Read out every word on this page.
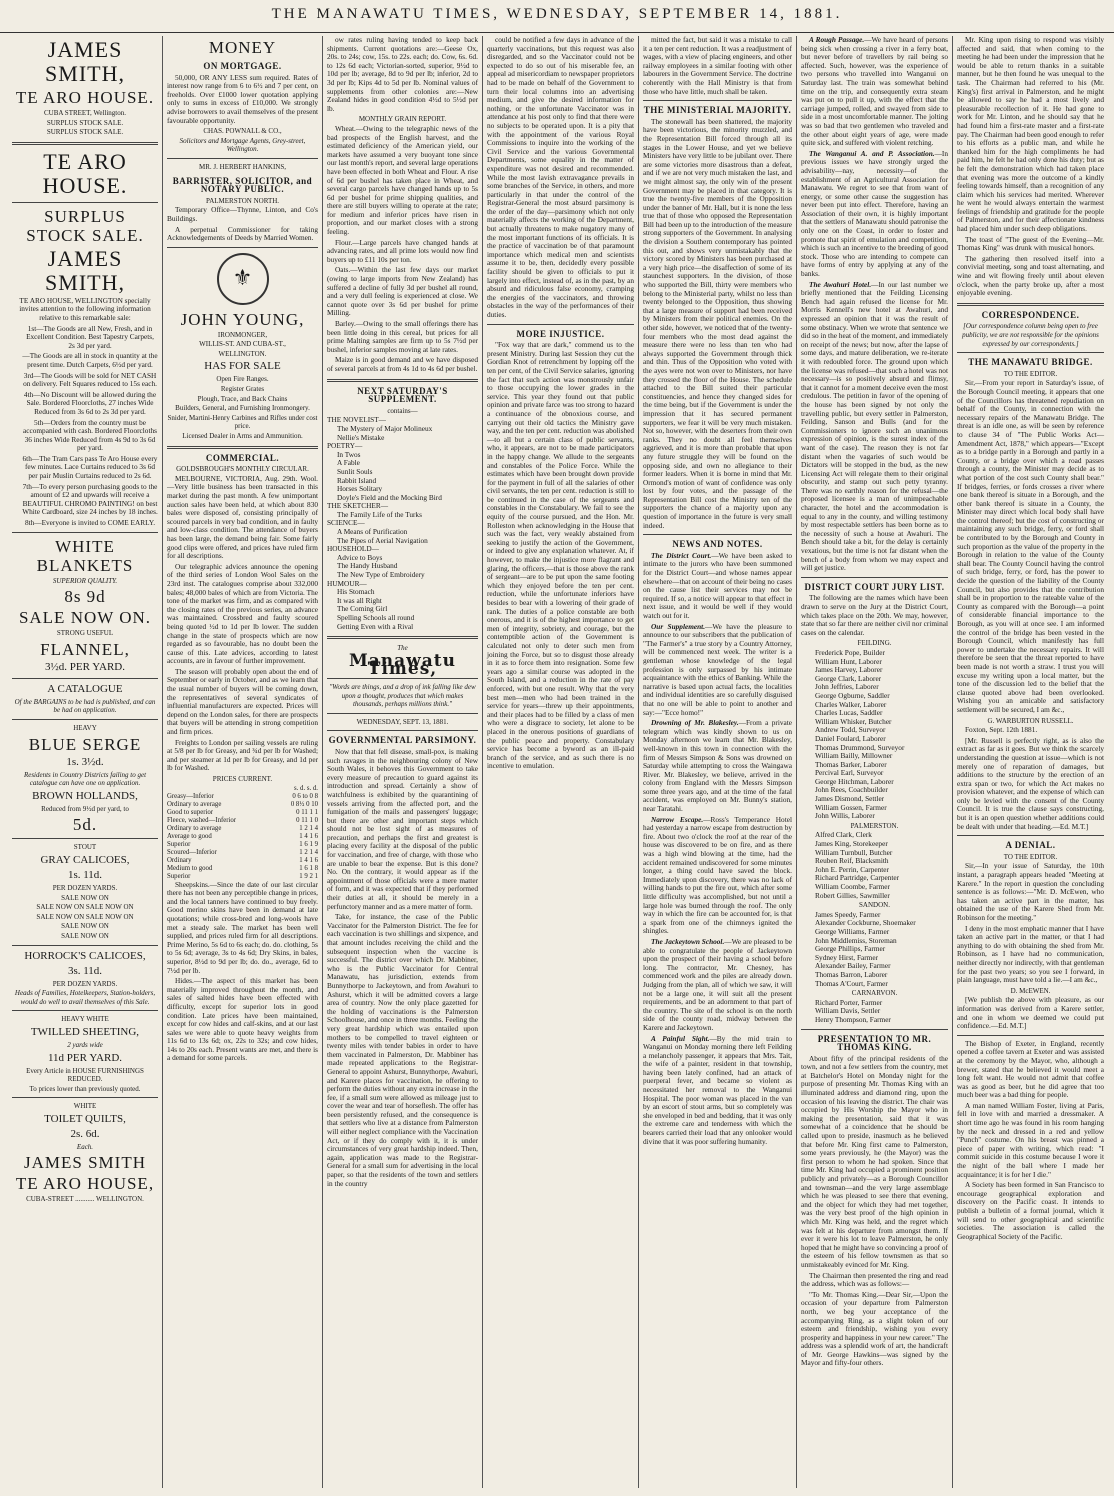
THE MANAWATU TIMES, WEDNESDAY, SEPTEMBER 14, 1881.
JAMES SMITH,
TE ARO HOUSE.
CUBA STREET, Wellington.
SURPLUS STOCK SALE.
SURPLUS STOCK SALE.
TE ARO HOUSE.
SURPLUS STOCK SALE.
JAMES SMITH,

TE ARO HOUSE, WELLINGTON specially invites attention to the following information relative to this remarkable sale:

1st—The Goods are all New, Fresh, and in Excellent Condition. Best Tapestry Carpets, 2s 3d per yard.

—The Goods are all in stock in quantity at the present time. Dutch Carpets, 6½d per yard.

3rd—The Goods will be sold for NET CASH on delivery. Felt Squares reduced to 15s each.

4th—No Discount will be allowed during the Sale. Bordered Floorcloths, 27 inches Wide Reduced from 3s 6d to 2s 3d per yard.

5th—Orders from the country must be accompanied with cash. Bordered Floorcloths 36 inches Wide Reduced from 4s 9d to 3s 6d per yard.

6th—The Tram Cars pass Te Aro House every few minutes. Lace Curtains reduced to 3s 6d per pair Muslin Curtains reduced to 2s 6d.

7th—To every person purchasing goods to the amount of £2 and upwards will receive a BEAUTIFUL CHROMO PAINTING! on best White Cardboard, size 24 inches by 18 inches.

8th—Everyone is invited to COME EARLY.

WHITE BLANKETS
SUPERIOR QUALITY.
8s 9d
SALE NOW ON.
STRONG USEFUL
FLANNEL,
3½d. PER YARD.
A CATALOGUE
Of the BARGAINS to be had is published, and can be had on application.
HEAVY
BLUE SERGE
1s. 3½d.
Residents in Country Districts failing to get catalogue can have one on application.
BROWN HOLLANDS,
Reduced from 9½d per yard, to
5d.
STOUT
GRAY CALICOES,
1s. 11d.
PER DOZEN YARDS.
SALE NOW ON
SALE NOW ON SALE NOW ON
SALE NOW ON SALE NOW ON
SALE NOW ON
SALE NOW ON
HORROCK'S CALICOES,
3s. 11d.
PER DOZEN YARDS.
Heads of Families, Hotelkeepers, Station-holders, would do well to avail themselves of this Sale.
HEAVY WHITE
TWILLED SHEETING,
2 yards wide
11d PER YARD.
Every Article in HOUSE FURNISHINGS REDUCED.
To prices lower than previously quoted.
WHITE
TOILET QUILTS,
2s. 6d.
Each.
JAMES SMITH
TE ARO HOUSE,
CUBA-STREET ........... WELLINGTON.
MONEY
ON MORTGAGE.

50,000, OR ANY LESS sum required. Rates of interest now range from 6 to 6½ and 7 per cent, on freeholds. Over £1000 lower quotation applying only to sums in excess of £10,000. We strongly advise borrowers to avail themselves of the present favourable opportunity.

CHAS. POWNALL & CO.,
Solicitors and Mortgage Agents, Grey-street, Wellington.
MR. J. HERBERT HANKINS,
BARRISTER, SOLICITOR, and NOTARY PUBLIC.
PALMERSTON NORTH.

Temporary Office—Thynne, Linton, and Co's Buildings.

A perpetual Commissioner for taking Acknowledgements of Deeds by Married Women.

⚜
JOHN YOUNG,
IRONMONGER,
WILLIS-ST. AND CUBA-ST.,
WELLINGTON.
HAS FOR SALE
Open Fire Ranges.
Register Grates
Plough, Trace, and Back Chains
Builders, General, and Furnishing Ironmongery.
Snider, Martini-Henry Carbines and Rifles under cost price.
Licensed Dealer in Arms and Ammunition.
COMMERCIAL.
GOLDSBROUGH'S MONTHLY CIRCULAR.

MELBOURNE, VICTORIA, Aug. 29th. Wool.—Very little business has been transacted in this market during the past month. A few unimportant auction sales have been held, at which about 830 bales were disposed of, consisting principally of scoured parcels in very bad condition, and in faulty and low-class condition. The attendance of buyers has been large, the demand being fair. Some fairly good clips were offered, and prices have ruled firm for all descriptions.

Our telegraphic advices announce the opening of the third series of London Wool Sales on the 23rd inst. The catalogues comprise about 332,000 bales; 48,000 bales of which are from Victoria. The tone of the market was firm, and as compared with the closing rates of the previous series, an advance was maintained. Crossbred and faulty scoured being quoted ½d to 1d per lb lower. The sudden change in the state of prospects which are now regarded as so favourable, has no doubt been the cause of this. Late advices, according to latest accounts, are in favour of further improvement.

The season will probably open about the end of September or early in October, and as we learn that the usual number of buyers will be coming down, the representatives of several syndicates of influential manufacturers are expected. Prices will depend on the London sales, for there are prospects that buyers will be attending in strong competition and firm prices.

Freights to London per sailing vessels are ruling at 5/8 per lb for Greasy, and ¾d per lb for Washed; and per steamer at 1d per lb for Greasy, and 1d per lb for Washed.

PRICES CURRENT.
	s. d. s. d.
Greasy—Inferior	0 6 to 0 8
Ordinary to average	0 8½ 0 10
Good to superior	0 11 1 1
Fleece, washed—Inferior	0 11 1 0
Ordinary to average	1 2 1 4
Average to good	1 4 1 6
Superior	1 6 1 9
Scoured—Inferior	1 2 1 4
Ordinary	1 4 1 6
Medium to good	1 6 1 8
Superior	1 9 2 1

Sheepskins.—Since the date of our last circular there has not been any perceptible change in prices, and the local tanners have continued to buy freely. Good merino skins have been in demand at late quotations; while cross-bred and long-wools have met a steady sale. The market has been well supplied, and prices ruled firm for all descriptions. Prime Merino, 5s 6d to 6s each; do. do. clothing, 5s to 5s 6d; average, 3s to 4s 6d; Dry Skins, in bales, superior, 8½d to 9d per lb; do. do., average, 6d to 7½d per lb.

Hides.—The aspect of this market has been materially improved throughout the month, and sales of salted hides have been effected with difficulty, except for superior lots in good condition. Late prices have been maintained, except for cow hides and calf-skins, and at our last sales we were able to quote heavy weights from 11s 6d to 13s 6d; ox, 22s to 32s; and cow hides, 14s to 20s each. Present wants are met, and there is a demand for some parcels.

ow rates ruling having tended to keep back shipments. Current quotations are:—Geese Ox, 20s. to 24s; cow, 15s. to 22s. each; do. Cow, 6s. 6d. to 12s 6d each; Victorian-sorted, superior, 9½d to 10d per lb; average, 8d to 9d per lb; inferior, 2d to 3d per lb; Kips 4d to 5d per lb. Nominal values of supplements from other colonies are:—New Zealand hides in good condition 4½d to 5½d per lb.

MONTHLY GRAIN REPORT.

Wheat.—Owing to the telegraphic news of the bad prospects of the English harvest, and the estimated deficiency of the American yield, our markets have assumed a very buoyant tone since our last month's report, and several large operations have been effected in both Wheat and Flour. A rise of 6d per bushel has taken place in Wheat, and several cargo parcels have changed hands up to 5s 6d per bushel for prime shipping qualities, and there are still buyers willing to operate at the rate; for medium and inferior prices have risen in proportion, and our market closes with a strong feeling.

Flour.—Large parcels have changed hands at advancing rates, and all prime lots would now find buyers up to £11 10s per ton.

Oats.—Within the last few days our market (owing to large imports from New Zealand) has suffered a decline of fully 3d per bushel all round, and a very dull feeling is experienced at close. We cannot quote over 3s 6d per bushel for prime Milling.

Barley.—Owing to the small offerings there has been little doing in this cereal, but prices for all prime Malting samples are firm up to 5s 7½d per bushel, inferior samples moving at late rates.

Maize is in good demand and we have disposed of several parcels at from 4s 1d to 4s 6d per bushel.

NEXT SATURDAY'S SUPPLEMENT.
contains—
THE NOVELIST—
The Mystery of Major Molineux
Nellie's Mistake
POETRY—
In Twos
A Fable
Sunlit Souls
Rabbit Island
Horses Solitary
Doyle's Field and the Mocking Bird
THE SKETCHER—
The Family Life of the Turks
SCIENCE—
A Means of Purification
The Pipes of Aerial Navigation
HOUSEHOLD—
Advice to Boys
The Handy Husband
The New Type of Embroidery
HUMOUR—
His Stomach
It was all Right
The Coming Girl
Spelling Schools all round
Getting Even with a Rival
The
Manawatu Times,
"Words are things, and a drop of ink falling like dew upon a thought, produces that which makes thousands, perhaps millions think."
WEDNESDAY, SEPT. 13, 1881.
GOVERNMENTAL PARSIMONY.

Now that that fell disease, small-pox, is making such ravages in the neighbouring colony of New South Wales, it behoves this Government to take every measure of precaution to guard against its introduction and spread. Certainly a show of watchfulness is exhibited by the quarantining of vessels arriving from the affected port, and the fumigation of the mails and passengers' luggage; but there are other and important steps which should not be lost sight of as measures of precaution, and perhaps the first and greatest is placing every facility at the disposal of the public for vaccination, and free of charge, with those who are unable to bear the expense. But is this done? No. On the contrary, it would appear as if the appointment of those officials were a mere matter of form, and it was expected that if they performed their duties at all, it should be merely in a perfunctory manner and as a mere matter of form.

Take, for instance, the case of the Public Vaccinator for the Palmerston District. The fee for each vaccination is two shillings and sixpence, and that amount includes receiving the child and the subsequent inspection when the vaccine is successful. The district over which Dr. Mabbiner, who is the Public Vaccinator for Central Manawatu, has jurisdiction, extends from Bunnythorpe to Jackeytown, and from Awahuri to Ashurst, which it will be admitted covers a large area of country. Now the only place gazetted for the holding of vaccinations is the Palmerston Schoolhouse, and once in three months. Feeling the very great hardship which was entailed upon mothers to be compelled to travel eighteen or twenty miles with tender babies in order to have them vaccinated in Palmerston, Dr. Mabbiner has made repeated applications to the Registrar-General to appoint Ashurst, Bunnythorpe, Awahuri, and Karere places for vaccination, he offering to perform the duties without any extra increase in the fee, if a small sum were allowed as mileage just to cover the wear and tear of horseflesh. The offer has been persistently refused, and the consequence is that settlers who live at a distance from Palmerston will either neglect compliance with the Vaccination Act, or if they do comply with it, it is under circumstances of very great hardship indeed. Then, again, application was made to the Registrar-General for a small sum for advertising in the local paper, so that the residents of the town and settlers in the country

could be notified a few days in advance of the quarterly vaccinations, but this request was also disregarded, and so the Vaccinator could not be expected to do so out of his miserable fee, an appeal ad misericordiam to newspaper proprietors had to be made on behalf of the Government to turn their local columns into an advertising medium, and give the desired information for nothing, or the unfortunate Vaccinator was in attendance at his post only to find that there were no subjects to be operated upon. It is a pity that with the appointment of the various Royal Commissions to inquire into the working of the Civil Service and the various Governmental Departments, some equality in the matter of expenditure was not desired and recommended. While the most lavish extravagance prevails in some branches of the Service, in others, and more particularly in that under the control of the Registrar-General the most absurd parsimony is the order of the day—parsimony which not only materially affects the working of the Department, but actually threatens to make nugatory many of the most important functions of its officials. It is the practice of vaccination be of that paramount importance which medical men and scientists assume it to be, then, decidedly every possible facility should be given to officials to put it largely into effect, instead of, as in the past, by an absurd and ridiculous false economy, cramping the energies of the vaccinators, and throwing obstacles in the way of the performances of their duties.

MORE INJUSTICE.

"Fox way that are dark," commend us to the present Ministry. During last Session they cut the Gordian Knot of retrenchment by lopping off the ten per cent, of the Civil Service salaries, ignoring the fact that such action was monstrously unfair to those occupying the lower grades in the service. This year they found out that public opinion and private farce was too strong to hazard a continuance of the obnoxious course, and carrying out their old tactics the Ministry gave way, and the ten per cent. reduction was abolished—to all but a certain class of public servants, who, it appears, are not to be made participators in the happy change. We allude to the sergeants and constables of the Police Force. While the estimates which have been brought down provide for the payment in full of all the salaries of other civil servants, the ten per cent. reduction is still to be continued in the case of the sergeants and constables in the Constabulary. We fail to see the equity of the course pursued, and the Hon. Mr. Rolleston when acknowledging in the House that such was the fact, very weakly abstained from seeking to justify the action of the Government, or indeed to give any explanation whatever. At, if however, to make the injustice more flagrant and glaring, the officers,—that is those above the rank of sergeant—are to be put upon the same footing which they enjoyed before the ten per cent. reduction, while the unfortunate inferiors have besides to bear with a lowering of their grade of rank. The duties of a police constable are both onerous, and it is of the highest importance to get men of integrity, sobriety, and courage, but the contemptible action of the Government is calculated not only to deter such men from joining the Force, but so to disgust those already in it as to force them into resignation. Some few years ago a similar course was adopted in the South Island, and a reduction in the rate of pay enforced, with but one result. Why that the very best men—men who had been trained in the service for years—threw up their appointments, and their places had to be filled by a class of men who were a disgrace to society, let alone to be placed in the onerous positions of guardians of the public peace and property. Constabulary service has become a byword as an ill-paid branch of the service, and as such there is no incentive to emulation.

mitted the fact, but said it was a mistake to call it a ten per cent reduction. It was a readjustment of wages, with a view of placing engineers, and other railway employees in a similar footing with other labourers in the Government Service. The doctrine coherently with the Hall Ministry is that from those who have little, much shall be taken.

THE MINISTERIAL MAJORITY.

The stonewall has been shattered, the majority have been victorious, the minority muzzled, and the Representation Bill forced through all its stages in the Lower House, and yet we believe Ministers have very little to be jubilant over. There are some victories more disastrous than a defeat, and if we are not very much mistaken the last, and we might almost say, the only win of the present Government may be placed in that category. It is true the twenty-five members of the Opposition under the banner of Mr. Hall, but it is none the less true that of those who opposed the Representation Bill had been up to the introduction of the measure strong supporters of the Government. In analysing the division a Southern contemporary has pointed this out, and shows very unmistakably that the victory scored by Ministers has been purchased at a very high price—the disaffection of some of its staunchest supporters. In the division, of those who supported the Bill, thirty were members who belong to the Ministerial party, whilst no less than twenty belonged to the Opposition, thus showing that a large measure of support had been received by Ministers from their political enemies. On the other side, however, we noticed that of the twenty-four members who the most dead against the measure there were no less than ten who had always supported the Government through thick and thin. Thus of the Opposition who voted with the ayes were not won over to Ministers, nor have they crossed the floor of the House. The schedule attached to the Bill suited their particular constituencies, and hence they changed sides for the time being, but if the Government is under the impression that it has secured permanent supporters, we fear it will be very much mistaken. Not so, however, with the deserters from their own ranks. They no doubt all feel themselves aggrieved, and it is more than probable that upon any future struggle they will be found on the opposing side, and own no allegiance to their former leaders. When it is borne in mind that Mr. Ormond's motion of want of confidence was only lost by four votes, and the passage of the Representation Bill cost the Ministry ten of the supporters the chance of a majority upon any question of importance in the future is very small indeed.

NEWS AND NOTES.

The District Court.—We have been asked to intimate to the jurors who have been summoned for the District Court—and whose names appear elsewhere—that on account of their being no cases on the cause list their services may not be required. If so, a notice will appear to that effect in next issue, and it would be well if they would watch out for it.

Our Supplement.—We have the pleasure to announce to our subscribers that the publication of "The Farmer's" a true story by a Country Attorney, will be commenced next week. The writer is a gentleman whose knowledge of the legal profession is only surpassed by his intimate acquaintance with the ethics of Banking. While the narrative is based upon actual facts, the localities and individual identities are so carefully disguised that no one will be able to point to another and say:—"Ecce homo!"

Drowning of Mr. Blakesley.—From a private telegram which was kindly shown to us on Monday afternoon we learn that Mr. Blakesley, well-known in this town in connection with the firm of Messrs Simpson & Sons was drowned on Saturday while attempting to cross the Waingawa River. Mr. Blakesley, we believe, arrived in the colony from England with the Messrs Simpson some three years ago, and at the time of the fatal accident, was employed on Mr. Bunny's station, near Taratahi.

Narrow Escape.—Ross's Temperance Hotel had yesterday a narrow escape from destruction by fire. About two o'clock the roof at the rear of the house was discovered to be on fire, and as there was a high wind blowing at the time, had the accident remained undiscovered for some minutes longer, a thing could have saved the block. Immediately upon discovery, there was no lack of willing hands to put the fire out, which after some little difficulty was accomplished, but not until a large hole was burned through the roof. The only way in which the fire can be accounted for, is that a spark from one of the chimneys ignited the shingles.

The Jackeytown School.—We are pleased to be able to congratulate the people of Jackeytown upon the prospect of their having a school before long. The contractor, Mr. Chesney, has commenced work and the piles are already down. Judging from the plan, all of which we saw, it will not be a large one, it will suit all the present requirements, and be an adornment to that part of the country. The site of the school is on the north side of the county road, midway between the Karere and Jackeytown.

A Painful Sight.—By the mid train to Wanganui on Monday morning there left Feilding a melancholy passenger, it appears that Mrs. Tait, the wife of a painter, resident in that township, having been lately confined, had an attack of puerperal fever, and became so violent as necessitated her removal to the Wanganui Hospital. The poor woman was placed in the van by an escort of stout arms, but so completely was she enveloped in bed and bedding, that it was only the extreme care and tenderness with which the bearers carried their load that any onlooker would divine that it was poor suffering humanity.

A Rough Passage.—We have heard of persons being sick when crossing a river in a ferry boat, but never before of travellers by rail being so affected. Such, however, was the experience of two persons who travelled into Wanganui on Saturday last. The train was somewhat behind time on the trip, and consequently extra steam was put on to pull it up, with the effect that the carriage jumped, rolled, and swayed from side to side in a most uncomfortable manner. The jolting was so bad that two gentlemen who traveled and the other about eight years of age, were made quite sick, and suffered with violent retching.

The Wanganui A. and P. Association.—In previous issues we have strongly urged the advisability—nay, necessity—of the establishment of an Agricultural Association for Manawatu. We regret to see that from want of energy, or some other cause the suggestion has never been put into effect. Therefore, having an Association of their own, it is highly important that the settlers of Manawatu should patronise the only one on the Coast, in order to foster and promote that spirit of emulation and competition, which is such an incentive to the breeding of good stock. Those who are intending to compete can have forms of entry by applying at any of the banks.

The Awahuri Hotel.—In our last number we briefly mentioned that the Feilding Licensing Bench had again refused the license for Mr. Morris Kennell's new hotel at Awahuri, and expressed an opinion that it was the result of some obstinacy. When we wrote that sentence we did so in the heat of the moment, and immediately on receipt of the news; but now, after the lapse of some days, and mature deliberation, we re-iterate it with redoubled force. The ground upon which the license was refused—that such a hotel was not necessary—is so positively absurd and flimsy, that it cannot for a moment deceive even the most credulous. The petition in favor of the opening of the house has been signed by not only the travelling public, but every settler in Palmerston, Feilding, Sanson and Bulls (and for the Commissioners to ignore such an unanimous expression of opinion, is the surest index of the want of the case). The reason they is not far distant when the vagaries of such would be Dictators will be stopped in the bud, as the new Licensing Act will relegate them to their original obscurity, and stamp out such petty tyranny. There was no earthly reason for the refusal—the proposed licensee is a man of unimpeachable character, the hotel and the accommodation is equal to any in the county, and willing testimony by most respectable settlers has been borne as to the necessity of such a house at Awahuri. The Bench should take a bit, for the delay is certainly vexatious, but the time is not far distant when the bench of a body from whom we may expect and will get justice.

DISTRICT COURT JURY LIST.

The following are the names which have been drawn to serve on the Jury at the District Court, which takes place on the 20th. We may, however, state that so far there are neither civil nor criminal cases on the calendar.

FEILDING.
Frederick Pope, Builder
William Hunt, Laborer
James Harvey, Laborer
George Clark, Laborer
John Jeffries, Laborer
George Ogburne, Saddler
Charles Walker, Laborer
Charles Lucas, Saddler
William Whisker, Butcher
Andrew Todd, Surveyor
Daniel Foulard, Laborer
Thomas Drummond, Surveyor
William Bailly, Millowner
Thomas Barker, Laborer
Percival Earl, Surveyor
George Hitchman, Laborer
John Rees, Coachbuilder
James Dismond, Settler
William Gossen, Farmer
John Willis, Laborer
PALMERSTON.
Alfred Clark, Clerk
James King, Storekeeper
William Turnbull, Butcher
Reuben Reif, Blacksmith
John E. Perrin, Carpenter
Richard Partridge, Carpenter
William Coombe, Farmer
Robert Gillies, Sawmiller
SANDON.
James Speedy, Farmer
Alexander Cockburne, Shoemaker
George Williams, Farmer
John Middlemiss, Storeman
George Phillips, Farmer
Sydney Hirst, Farmer
Alexander Bailey, Farmer
Thomas Barron, Laborer
Thomas A'Court, Farmer
CARNARVON.
Richard Porter, Farmer
William Davis, Settler
Henry Thompson, Farmer
PRESENTATION TO MR. THOMAS KING.

About fifty of the principal residents of the town, and not a few settlers from the country, met at Batchelor's Hotel on Monday night for the purpose of presenting Mr. Thomas King with an illuminated address and diamond ring, upon the occasion of his leaving the district. The chair was occupied by His Worship the Mayor who in making the presentation, said that it was somewhat of a coincidence that he should be called upon to preside, inasmuch as he believed that before Mr. King first came to Palmerston, some years previously, he (the Mayor) was the first person to whom he had spoken. Since that time Mr. King had occupied a prominent position publicly and privately—as a Borough Councillor and townsman—and the very large assemblage which he was pleased to see there that evening, and the object for which they had met together, was the very best proof of the high opinion in which Mr. King was held, and the regret which was felt at his departure from amongst them. If ever it were his lot to leave Palmerston, he only hoped that he might have so convincing a proof of the esteem of his fellow townsmen as that so unmistakeably evinced for Mr. King.

The Chairman then presented the ring and read the address, which was as follows:—

"To Mr. Thomas King.—Dear Sir,—Upon the occasion of your departure from Palmerston north, we beg your acceptance of the accompanying Ring, as a slight token of our esteem and friendship, wishing you every prosperity and happiness in your new career." The address was a splendid work of art, the handicraft of Mr. George Hawkins—was signed by the Mayor and fifty-four others.

Mr. King upon rising to respond was visibly affected and said, that when coming to the meeting he had been under the impression that he would be able to return thanks in a suitable manner, but he then found he was unequal to the task. The Chairman had referred to his (Mr. King's) first arrival in Palmerston, and he might be allowed to say he had a most lively and pleasurable recollection of it. He had gone to work for Mr. Linton, and he should say that he had found him a first-rate master and a first-rate pay. The Chairman had been good enough to refer to his efforts as a public man, and while he thanked him for the high compliments he had paid him, he felt he had only done his duty; but as he felt the demonstration which had taken place that evening was more the outcome of a kindly feeling towards himself, than a recognition of any claim which his services had merited. Wherever he went he would always entertain the warmest feelings of friendship and gratitude for the people of Palmerston, and for their affectionate kindness had placed him under such deep obligations.

The toast of "The guest of the Evening—Mr. Thomas King" was drunk with musical honors.

The gathering then resolved itself into a convivial meeting, song and toast alternating, and wine and wit flowing freely until about eleven o'clock, when the party broke up, after a most enjoyable evening.

CORRESPONDENCE.
[Our correspondence column being open to free publicity, we are not responsible for the opinions expressed by our correspondents.]
THE MANAWATU BRIDGE.
TO THE EDITOR.

Sir,—From your report in Saturday's issue, of the Borough Council meeting, it appears that one of the Councillors has threatened repudiation on behalf of the County, in connection with the necessary repairs of the Manawatu Bridge. The threat is an idle one, as will be seen by reference to clause 34 of "The Public Works Act—Amendment Act, 1878," which appears—"Except as to a bridge partly in a Borough and partly in a County, or a bridge over which a road passes through a county, the Minister may decide as to what portion of the cost such County shall bear." If bridges, ferries, or fords crosses a river where one bank thereof is situate in a Borough, and the other bank thereof is situate in a County, the Minister may direct which local body shall have the control thereof; but the cost of constructing or maintaining any such bridge, ferry, or ford shall be contributed to by the Borough and County in such proportion as the value of the property in the Borough in relation to the value of the County shall bear. The County Council having the control of such bridge, ferry, or ford, has the power to decide the question of the liability of the County Council, but also provides that the contribution shall be in proportion to the rateable value of the County as compared with the Borough—a point of considerable financial importance to the Borough, as you will at once see. I am informed the control of the bridge has been vested in the Borough Council, which manifestly has full power to undertake the necessary repairs. It will therefore be seen that the threat reported to have been made is not worth a straw. I trust you will excuse my writing upon a local matter, but the tone of the discussion led to the belief that the clause quoted above had been overlooked. Wishing you an amicable and satisfactory settlement will be secured, I am &c.,

G. WARBURTON RUSSELL.

Foxton, Sept. 12th 1881.

[Mr. Russell is perfectly right, as is also the extract as far as it goes. But we think the scarcely understanding the question at issue—which is not merely one of reparation of damages, but additions to the structure by the erection of an extra span or two, for which the Act makes no provision whatever, and the expense of which can only be levied with the consent of the County Council. It is true the clause says constructing, but it is an open question whether additions could be dealt with under that heading.—Ed. M.T.]

A DENIAL.
TO THE EDITOR.

Sir,—In your issue of Saturday, the 10th instant, a paragraph appears headed "Meeting at Karere." In the report in question the concluding sentence is as follows:—"Mr. D. McEwen, who has taken an active part in the matter, has obtained the use of the Karere Shed from Mr. Robinson for the meeting."

I deny in the most emphatic manner that I have taken an active part in the matter, or that I had anything to do with obtaining the shed from Mr. Robinson, as I have had no communication, neither directly nor indirectly, with that gentleman for the past two years; so you see I forward, in plain language, must have told a lie.—I am &c.,

D. McEWEN.

[We publish the above with pleasure, as our information was derived from a Karere settler, and one in whom we deemed we could put confidence.—Ed. M.T.]

The Bishop of Exeter, in England, recently opened a coffee tavern at Exeter and was assisted at the ceremony by the Mayor, who, although a brewer, stated that he believed it would meet a long felt want. He would not admit that coffee was as good as beer, but he did agree that too much beer was a bad thing for people.

A man named William Foster, living at Paris, fell in love with and married a dressmaker. A short time ago he was found in his room hanging by the neck and dressed in a red and yellow "Punch" costume. On his breast was pinned a piece of paper with writing, which read: "I commit suicide in this costume because I wore it the night of the ball where I made her acquaintance; it is for her I die."

A Society has been formed in San Francisco to encourage geographical exploration and discovery on the Pacific coast. It intends to publish a bulletin of a formal journal, which it will send to other geographical and scientific societies. The association is called the Geographical Society of the Pacific.
